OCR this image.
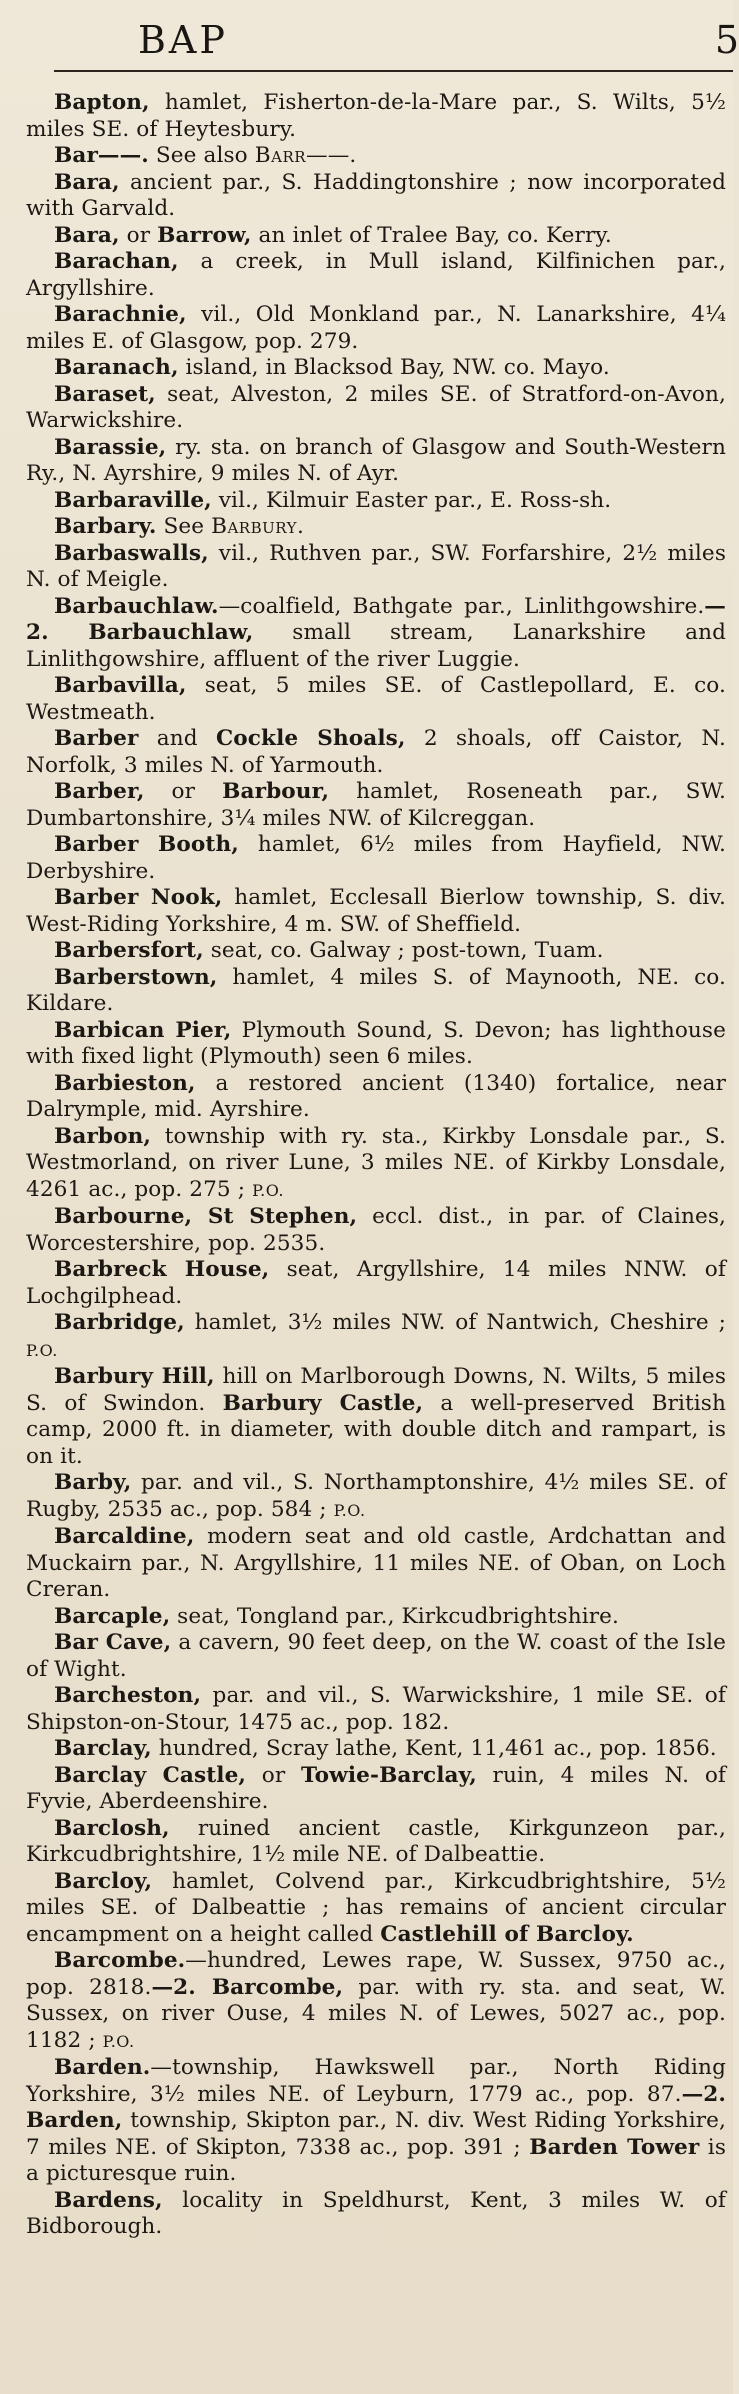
BAP	5

Bapton, hamlet, Fisherton-de-la-Mare par., S. Wilts, 5½ miles SE. of Heytesbury.

Bar——. See also Barr——.

Bara, ancient par., S. Haddingtonshire ; now incorporated with Garvald.

Bara, or Barrow, an inlet of Tralee Bay, co. Kerry.

Barachan, a creek, in Mull island, Kilfinichen par., Argyllshire.

Barachnie, vil., Old Monkland par., N. Lanarkshire, 4¼ miles E. of Glasgow, pop. 279.

Baranach, island, in Blacksod Bay, NW. co. Mayo.

Baraset, seat, Alveston, 2 miles SE. of Stratford-on-Avon, Warwickshire.

Barassie, ry. sta. on branch of Glasgow and South-Western Ry., N. Ayrshire, 9 miles N. of Ayr.

Barbaraville, vil., Kilmuir Easter par., E. Ross-sh.

Barbary. See Barbury.

Barbaswalls, vil., Ruthven par., SW. Forfarshire, 2½ miles N. of Meigle.

Barbauchlaw.—coalfield, Bathgate par., Linlithgowshire.—2. Barbauchlaw, small stream, Lanarkshire and Linlithgowshire, affluent of the river Luggie.

Barbavilla, seat, 5 miles SE. of Castlepollard, E. co. Westmeath.

Barber and Cockle Shoals, 2 shoals, off Caistor, N. Norfolk, 3 miles N. of Yarmouth.

Barber, or Barbour, hamlet, Roseneath par., SW. Dumbartonshire, 3¼ miles NW. of Kilcreggan.

Barber Booth, hamlet, 6½ miles from Hayfield, NW. Derbyshire.

Barber Nook, hamlet, Ecclesall Bierlow township, S. div. West-Riding Yorkshire, 4 m. SW. of Sheffield.

Barbersfort, seat, co. Galway ; post-town, Tuam.

Barberstown, hamlet, 4 miles S. of Maynooth, NE. co. Kildare.

Barbican Pier, Plymouth Sound, S. Devon; has lighthouse with fixed light (Plymouth) seen 6 miles.

Barbieston, a restored ancient (1340) fortalice, near Dalrymple, mid. Ayrshire.

Barbon, township with ry. sta., Kirkby Lonsdale par., S. Westmorland, on river Lune, 3 miles NE. of Kirkby Lonsdale, 4261 ac., pop. 275 ; P.O.

Barbourne, St Stephen, eccl. dist., in par. of Claines, Worcestershire, pop. 2535.

Barbreck House, seat, Argyllshire, 14 miles NNW. of Lochgilphead.

Barbridge, hamlet, 3½ miles NW. of Nantwich, Cheshire ; P.O.

Barbury Hill, hill on Marlborough Downs, N. Wilts, 5 miles S. of Swindon. Barbury Castle, a well-preserved British camp, 2000 ft. in diameter, with double ditch and rampart, is on it.

Barby, par. and vil., S. Northamptonshire, 4½ miles SE. of Rugby, 2535 ac., pop. 584 ; P.O.

Barcaldine, modern seat and old castle, Ardchattan and Muckairn par., N. Argyllshire, 11 miles NE. of Oban, on Loch Creran.

Barcaple, seat, Tongland par., Kirkcudbrightshire.

Bar Cave, a cavern, 90 feet deep, on the W. coast of the Isle of Wight.

Barcheston, par. and vil., S. Warwickshire, 1 mile SE. of Shipston-on-Stour, 1475 ac., pop. 182.

Barclay, hundred, Scray lathe, Kent, 11,461 ac., pop. 1856.

Barclay Castle, or Towie-Barclay, ruin, 4 miles N. of Fyvie, Aberdeenshire.

Barclosh, ruined ancient castle, Kirkgunzeon par., Kirkcudbrightshire, 1½ mile NE. of Dalbeattie.

Barcloy, hamlet, Colvend par., Kirkcudbrightshire, 5½ miles SE. of Dalbeattie ; has remains of ancient circular encampment on a height called Castlehill of Barcloy.

Barcombe.—hundred, Lewes rape, W. Sussex, 9750 ac., pop. 2818.—2. Barcombe, par. with ry. sta. and seat, W. Sussex, on river Ouse, 4 miles N. of Lewes, 5027 ac., pop. 1182 ; P.O.

Barden.—township, Hawkswell par., North Riding Yorkshire, 3½ miles NE. of Leyburn, 1779 ac., pop. 87.—2. Barden, township, Skipton par., N. div. West Riding Yorkshire, 7 miles NE. of Skipton, 7338 ac., pop. 391 ; Barden Tower is a picturesque ruin.

Bardens, locality in Speldhurst, Kent, 3 miles W. of Bidborough.
